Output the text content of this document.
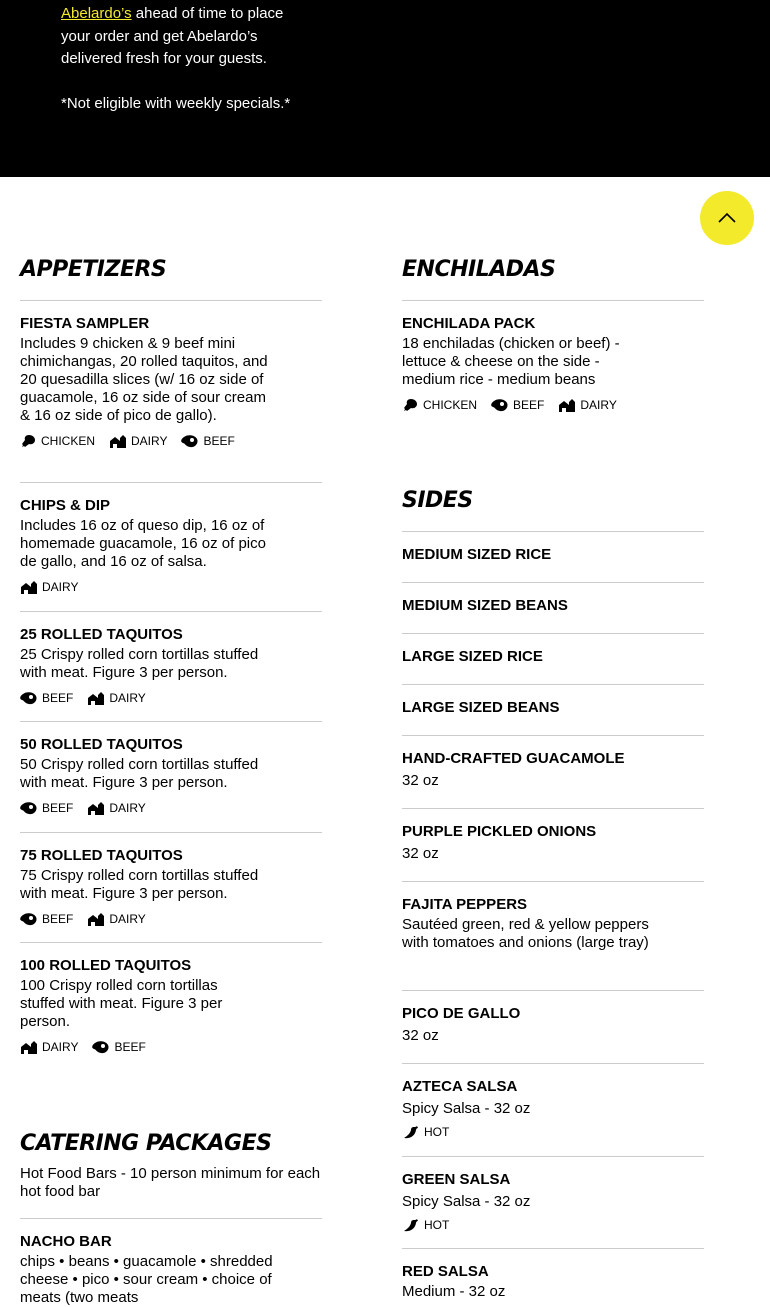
Abelardo’s ahead of time to place your order and get Abelardo’s delivered fresh for your guests.
*Not eligible with weekly specials.*
APPETIZERS
FIESTA SAMPLER
Includes 9 chicken & 9 beef mini chimichangas, 20 rolled taquitos, and 20 quesadilla slices (w/ 16 oz side of guacamole, 16 oz side of sour cream & 16 oz side of pico de gallo).
CHICKEN	DAIRY	BEEF
CHIPS & DIP
Includes 16 oz of queso dip, 16 oz of homemade guacamole, 16 oz of pico de gallo, and 16 oz of salsa.
DAIRY
25 ROLLED TAQUITOS
25 Crispy rolled corn tortillas stuffed with meat. Figure 3 per person.
BEEF	DAIRY
50 ROLLED TAQUITOS
50 Crispy rolled corn tortillas stuffed with meat. Figure 3 per person.
BEEF	DAIRY
75 ROLLED TAQUITOS
75 Crispy rolled corn tortillas stuffed with meat. Figure 3 per person.
BEEF	DAIRY
100 ROLLED TAQUITOS
100 Crispy rolled corn tortillas stuffed with meat. Figure 3 per person.
DAIRY	BEEF
CATERING PACKAGES
Hot Food Bars - 10 person minimum for each hot food bar
NACHO BAR
chips • beans • guacamole • shredded cheese • pico • sour cream • choice of meats (two meats
ENCHILADAS
ENCHILADA PACK
18 enchiladas (chicken or beef) - lettuce & cheese on the side - medium rice - medium beans
CHICKEN	BEEF	DAIRY
SIDES
MEDIUM SIZED RICE
MEDIUM SIZED BEANS
LARGE SIZED RICE
LARGE SIZED BEANS
HAND-CRAFTED GUACAMOLE
32 oz
PURPLE PICKLED ONIONS
32 oz
FAJITA PEPPERS
Sautéed green, red & yellow peppers with tomatoes and onions (large tray)
PICO DE GALLO
32 oz
AZTECA SALSA
Spicy Salsa - 32 oz
HOT
GREEN SALSA
Spicy Salsa - 32 oz
HOT
RED SALSA
Medium - 32 oz
